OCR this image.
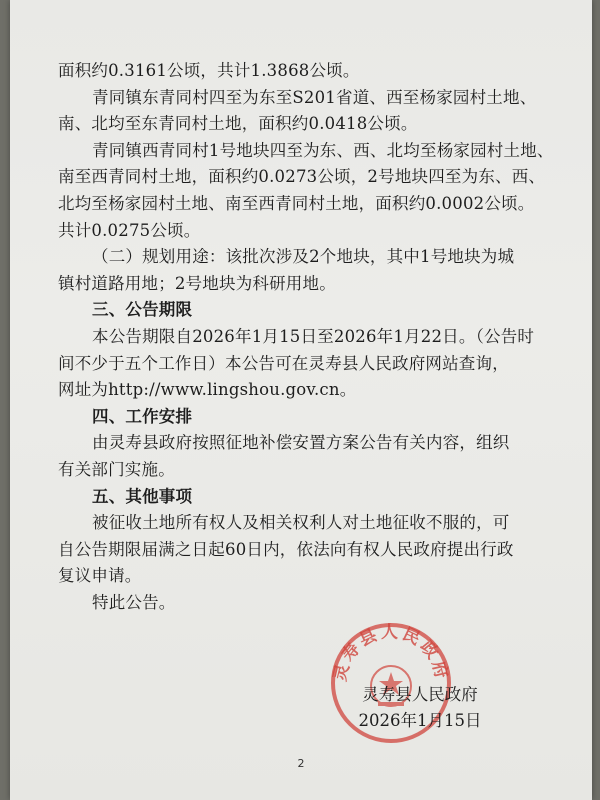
面积约0.3161公顷，共计1.3868公顷。
青同镇东青同村四至为东至S201省道、西至杨家园村土地、
南、北均至东青同村土地，面积约0.0418公顷。
青同镇西青同村1号地块四至为东、西、北均至杨家园村土地、
南至西青同村土地，面积约0.0273公顷，2号地块四至为东、西、
北均至杨家园村土地、南至西青同村土地，面积约0.0002公顷。
共计0.0275公顷。
（二）规划用途：该批次涉及2个地块，其中1号地块为城
镇村道路用地；2号地块为科研用地。
三、公告期限
本公告期限自2026年1月15日至2026年1月22日。（公告时
间不少于五个工作日）本公告可在灵寿县人民政府网站查询，
网址为http://www.lingshou.gov.cn。
四、工作安排
由灵寿县政府按照征地补偿安置方案公告有关内容，组织
有关部门实施。
五、其他事项
被征收土地所有权人及相关权利人对土地征收不服的，可
自公告期限届满之日起60日内，依法向有权人民政府提出行政
复议申请。
特此公告。
灵寿县人民政府
灵寿县人民政府
2026年1月15日
2
